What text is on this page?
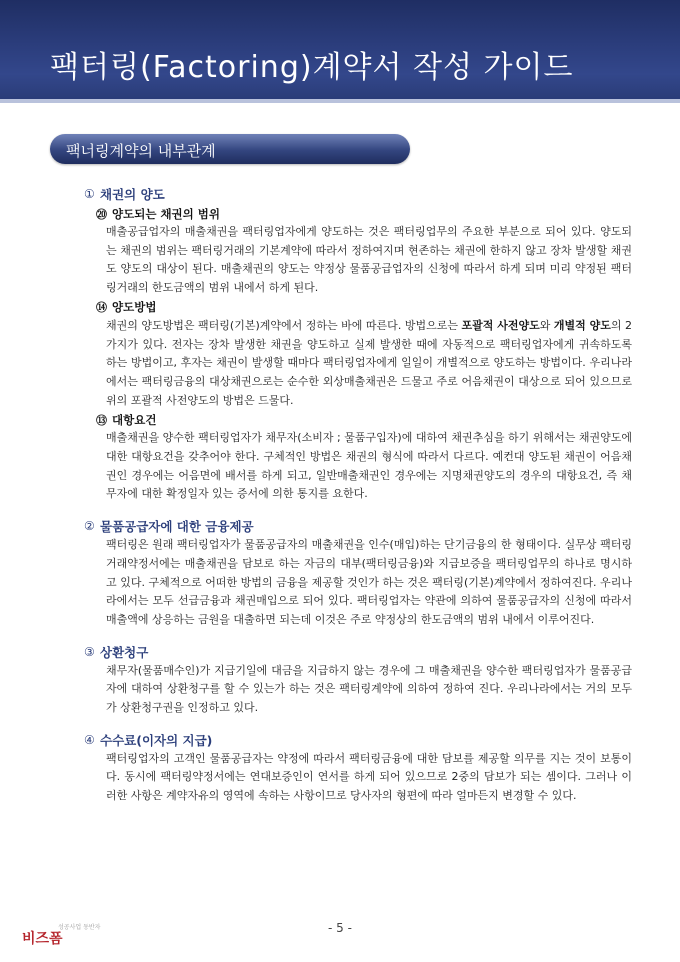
팩터링(Factoring)계약서 작성 가이드
팩너링계약의 내부관계
① 채권의 양도
⑳ 양도되는 채권의 범위
매출공급업자의 매출채권을 팩터링업자에게 양도하는 것은 팩터링업무의 주요한 부분으로 되어 있다. 양도되는 채권의 범위는 팩터링거래의 기본계약에 따라서 정하여지며 현존하는 채권에 한하지 않고 장차 발생할 채권도 양도의 대상이 된다. 매출채권의 양도는 약정상 물품공급업자의 신청에 따라서 하게 되며 미리 약정된 팩터링거래의 한도금액의 범위 내에서 하게 된다.
⑭ 양도방법
채권의 양도방법은 팩터링(기본)계약에서 정하는 바에 따른다. 방법으로는 포괄적 사전양도와 개별적 양도의 2가지가 있다. 전자는 장차 발생한 채권을 양도하고 실제 발생한 때에 자동적으로 팩터링업자에게 귀속하도록 하는 방법이고, 후자는 채권이 발생할 때마다 팩터링업자에게 일일이 개별적으로 양도하는 방법이다. 우리나라에서는 팩터링금융의 대상채권으로는 순수한 외상매출채권은 드물고 주로 어음채권이 대상으로 되어 있으므로 위의 포괄적 사전양도의 방법은 드물다.
⑬ 대항요건
매출채권을 양수한 팩터링업자가 채무자(소비자 ; 물품구입자)에 대하여 채권추심을 하기 위해서는 채권양도에 대한 대항요건을 갖추어야 한다. 구체적인 방법은 채권의 형식에 따라서 다르다. 예컨대 양도된 채권이 어음채권인 경우에는 어음면에 배서를 하게 되고, 일반매출채권인 경우에는 지명채권양도의 경우의 대항요건, 즉 채무자에 대한 확정일자 있는 증서에 의한 통지를 요한다.
② 물품공급자에 대한 금융제공
팩터링은 원래 팩터링업자가 물품공급자의 매출채권을 인수(매입)하는 단기금융의 한 형태이다. 실무상 팩터링거래약정서에는 매출채권을 담보로 하는 자금의 대부(팩터링금융)와 지급보증을 팩터링업무의 하나로 명시하고 있다. 구체적으로 어떠한 방법의 금융을 제공할 것인가 하는 것은 팩터링(기본)계약에서 정하여진다. 우리나라에서는 모두 선급금융과 채권매입으로 되어 있다. 팩터링업자는 약관에 의하여 물품공급자의 신청에 따라서 매출액에 상응하는 금원을 대출하면 되는데 이것은 주로 약정상의 한도금액의 범위 내에서 이루어진다.
③ 상환청구
채무자(물품매수인)가 지급기일에 대금을 지급하지 않는 경우에 그 매출채권을 양수한 팩터링업자가 물품공급자에 대하여 상환청구를 할 수 있는가 하는 것은 팩터링계약에 의하여 정하여 진다. 우리나라에서는 거의 모두가 상환청구권을 인정하고 있다.
④ 수수료(이자의 지급)
팩터링업자의 고객인 물품공급자는 약정에 따라서 팩터링금융에 대한 담보를 제공할 의무를 지는 것이 보통이다. 동시에 팩터링약정서에는 연대보증인이 연서를 하게 되어 있으므로 2중의 담보가 되는 셈이다. 그러나 이러한 사항은 계약자유의 영역에 속하는 사항이므로 당사자의 형편에 따라 얼마든지 변경할 수 있다.
비즈폼
성공사업 동반자	- 5 -
